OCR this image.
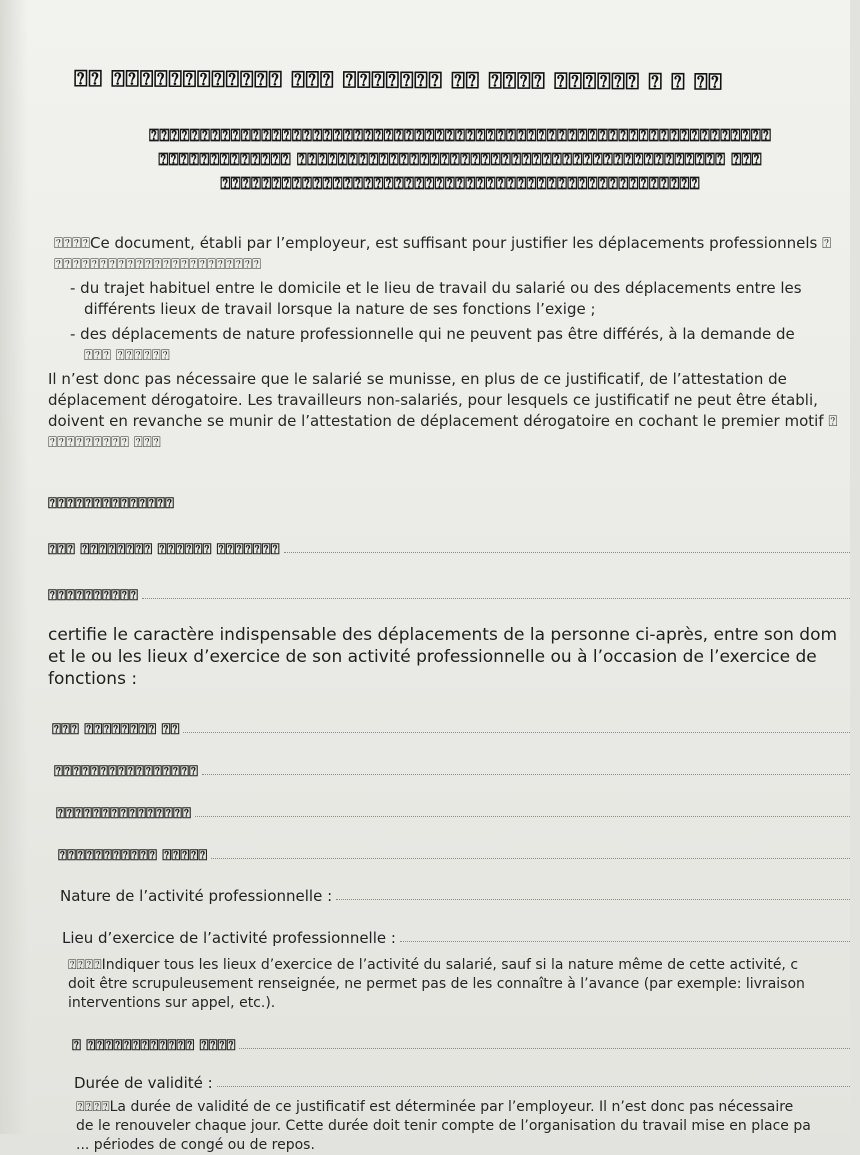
⍰⍰ ⍰⍰⍰⍰⍰⍰⍰⍰⍰⍰⍰⍰ ⍰⍰⍰ ⍰⍰⍰⍰⍰⍰⍰ ⍰⍰ ⍰⍰⍰⍰ ⍰⍰⍰⍰⍰⍰ ⍰ ⍰ ⍰⍰
⍰⍰⍰⍰⍰⍰⍰⍰⍰⍰⍰⍰⍰⍰⍰⍰⍰⍰⍰⍰⍰⍰⍰⍰⍰⍰⍰⍰⍰⍰⍰⍰⍰⍰⍰⍰⍰⍰⍰⍰⍰⍰⍰⍰⍰⍰⍰⍰⍰⍰⍰⍰⍰⍰⍰⍰⍰⍰⍰⍰⍰
⍰⍰⍰⍰⍰⍰⍰⍰⍰⍰⍰⍰⍰ ⍰⍰⍰⍰⍰⍰⍰⍰⍰⍰⍰⍰⍰⍰⍰⍰⍰⍰⍰⍰⍰⍰⍰⍰⍰⍰⍰⍰⍰⍰⍰⍰⍰⍰⍰⍰⍰⍰⍰⍰⍰⍰ ⍰⍰⍰
⍰⍰⍰⍰⍰⍰⍰⍰⍰⍰⍰⍰⍰⍰⍰⍰⍰⍰⍰⍰⍰⍰⍰⍰⍰⍰⍰⍰⍰⍰⍰⍰⍰⍰⍰⍰⍰⍰⍰⍰⍰⍰⍰⍰⍰⍰⍰
⍰⍰⍰⍰Ce document, établi par l’employeur, est suffisant pour justifier les déplacements professionnels ⍰
⍰⍰⍰⍰⍰⍰⍰⍰⍰⍰⍰⍰⍰⍰⍰⍰⍰⍰⍰⍰⍰⍰⍰
- du trajet habituel entre le domicile et le lieu de travail du salarié ou des déplacements entre les
différents lieux de travail lorsque la nature de ses fonctions l’exige ;
- des déplacements de nature professionnelle qui ne peuvent pas être différés, à la demande de
⍰⍰⍰ ⍰⍰⍰⍰⍰⍰
Il n’est donc pas nécessaire que le salarié se munisse, en plus de ce justificatif, de l’attestation de
déplacement dérogatoire. Les travailleurs non-salariés, pour lesquels ce justificatif ne peut être établi,
doivent en revanche se munir de l’attestation de déplacement dérogatoire en cochant le premier motif ⍰
⍰⍰⍰⍰⍰⍰⍰⍰⍰ ⍰⍰⍰
⍰⍰⍰⍰⍰⍰⍰⍰⍰⍰⍰⍰⍰⍰
⍰⍰⍰ ⍰⍰⍰⍰⍰⍰⍰⍰ ⍰⍰⍰⍰⍰⍰ ⍰⍰⍰⍰⍰⍰⍰
⍰⍰⍰⍰⍰⍰⍰⍰⍰⍰
certifie le caractère indispensable des déplacements de la personne ci-après, entre son dom
et le ou les lieux d’exercice de son activité professionnelle ou à l’occasion de l’exercice de
fonctions :
⍰⍰⍰ ⍰⍰⍰⍰⍰⍰⍰⍰ ⍰⍰
⍰⍰⍰⍰⍰⍰⍰⍰⍰⍰⍰⍰⍰⍰⍰⍰
⍰⍰⍰⍰⍰⍰⍰⍰⍰⍰⍰⍰⍰⍰⍰
⍰⍰⍰⍰⍰⍰⍰⍰⍰⍰⍰ ⍰⍰⍰⍰⍰
Nature de l’activité professionnelle :
Lieu d’exercice de l’activité professionnelle :
⍰⍰⍰⍰Indiquer tous les lieux d’exercice de l’activité du salarié, sauf si la nature même de cette activité, c
doit être scrupuleusement renseignée, ne permet pas de les connaître à l’avance (par exemple: livraison
interventions sur appel, etc.).
⍰ ⍰⍰⍰⍰⍰⍰⍰⍰⍰⍰⍰⍰ ⍰⍰⍰⍰
Durée de validité :
⍰⍰⍰⍰La durée de validité de ce justificatif est déterminée par l’employeur. Il n’est donc pas nécessaire
de le renouveler chaque jour. Cette durée doit tenir compte de l’organisation du travail mise en place pa
... périodes de congé ou de repos.
